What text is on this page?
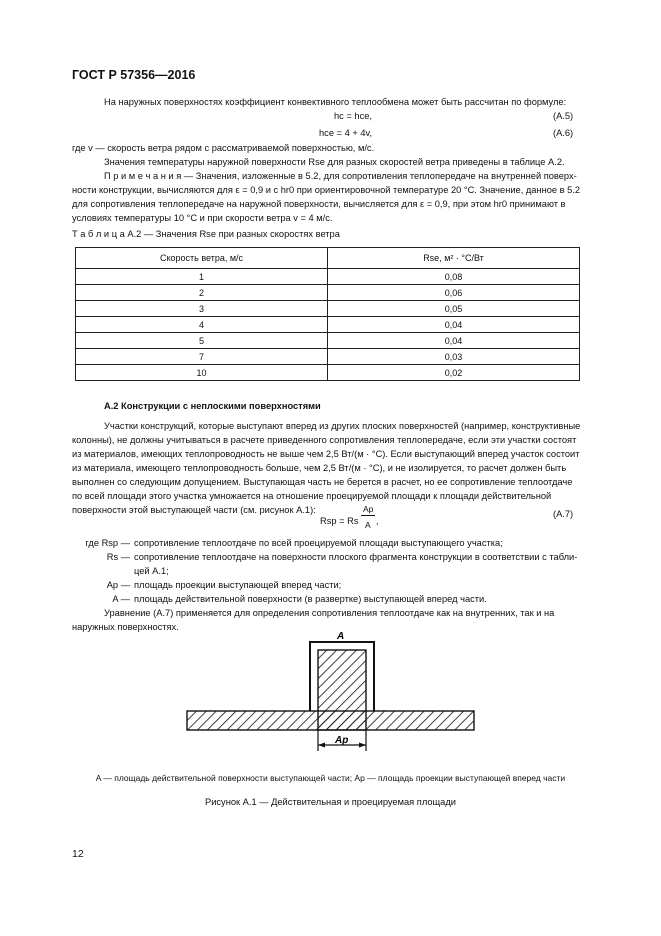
ГОСТ Р 57356—2016
На наружных поверхностях коэффициент конвективного теплообмена может быть рассчитан по формуле:
hс = hсe,	(А.5)
hсe = 4 + 4v,	(А.6)
где v — скорость ветра рядом с рассматриваемой поверхностью, м/с.
Значения температуры наружной поверхности Rse для разных скоростей ветра приведены в таблице А.2.
П р и м е ч а н и я — Значения, изложенные в 5.2, для сопротивления теплопередаче на внутренней поверх-
ности конструкции, вычисляются для ε = 0,9 и с hr0 при ориентировочной температуре 20 °С. Значение, данное в 5.2
для сопротивления теплопередаче на наружной поверхности, вычисляется для ε = 0,9, при этом hr0 принимают в
условиях температуры 10 °С и при скорости ветра v = 4 м/с.
Т а б л и ц а А.2 — Значения Rse при разных скоростях ветра
Скорость ветра, м/с	Rse, м² · °С/Вт
1	0,08
2	0,06
3	0,05
4	0,04
5	0,04
7	0,03
10	0,02
А.2 Конструкции с неплоскими поверхностями
Участки конструкций, которые выступают вперед из других плоских поверхностей (например, конструктивные
колонны), не должны учитываться в расчете приведенного сопротивления теплопередаче, если эти участки состоят
из материалов, имеющих теплопроводность не выше чем 2,5 Вт/(м · °С). Если выступающий вперед участок состоит
из материала, имеющего теплопроводность больше, чем 2,5 Вт/(м · °С), и не изолируется, то расчет должен быть
выполнен со следующим допущением. Выступающая часть не берется в расчет, но ее сопротивление теплоотдаче
по всей площади этого участка умножается на отношение проецируемой площади к площади действительной
поверхности этой выступающей части (см. рисунок А.1):
Rsp = Rs
Ap
A ,
(А.7)
где Rsp — сопротивление теплоотдаче по всей проецируемой площади выступающего участка;
Rs — сопротивление теплоотдаче на поверхности плоского фрагмента конструкции в соответствии с табли-
цей А.1;
Ap — площадь проекции выступающей вперед части;
A — площадь действительной поверхности (в развертке) выступающей вперед части.
Уравнение (А.7) применяется для определения сопротивления теплоотдаче как на внутренних, так и на
наружных поверхностях.
A
Ap
A — площадь действительной поверхности выступающей части; Ap — площадь проекции выступающей вперед части
Рисунок А.1 — Действительная и проецируемая площади
12
